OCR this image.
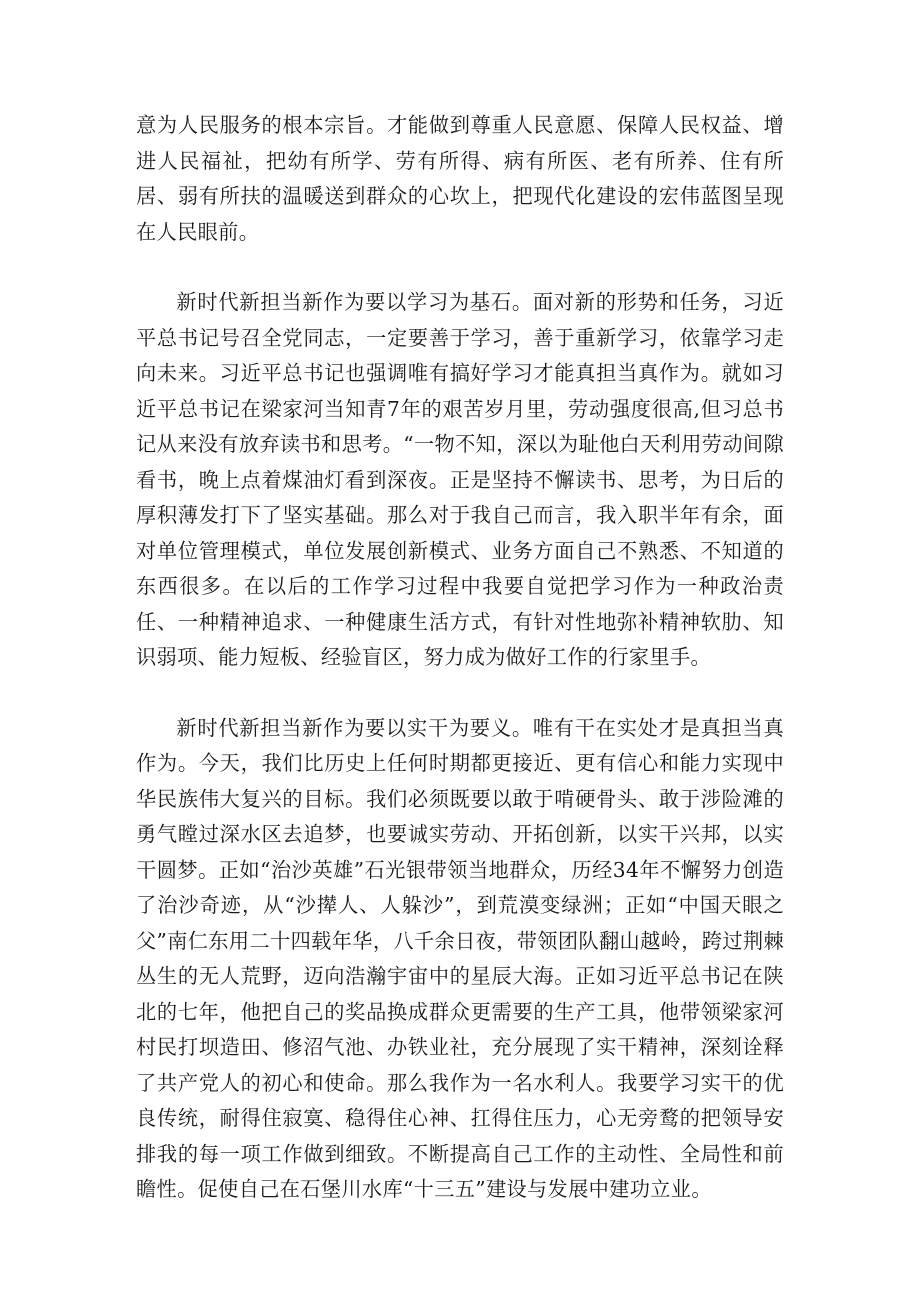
意为人民服务的根本宗旨。才能做到尊重人民意愿、保障人民权益、增进人民福祉，把幼有所学、劳有所得、病有所医、老有所养、住有所居、弱有所扶的温暖送到群众的心坎上，把现代化建设的宏伟蓝图呈现在人民眼前。

新时代新担当新作为要以学习为基石。面对新的形势和任务，习近平总书记号召全党同志，一定要善于学习，善于重新学习，依靠学习走向未来。习近平总书记也强调唯有搞好学习才能真担当真作为。就如习近平总书记在梁家河当知青7年的艰苦岁月里，劳动强度很高,但习总书记从来没有放弃读书和思考。“一物不知，深以为耻他白天利用劳动间隙看书，晚上点着煤油灯看到深夜。正是坚持不懈读书、思考，为日后的厚积薄发打下了坚实基础。那么对于我自己而言，我入职半年有余，面对单位管理模式，单位发展创新模式、业务方面自己不熟悉、不知道的东西很多。在以后的工作学习过程中我要自觉把学习作为一种政治责任、一种精神追求、一种健康生活方式，有针对性地弥补精神软肋、知识弱项、能力短板、经验盲区，努力成为做好工作的行家里手。

新时代新担当新作为要以实干为要义。唯有干在实处才是真担当真作为。今天，我们比历史上任何时期都更接近、更有信心和能力实现中华民族伟大复兴的目标。我们必须既要以敢于啃硬骨头、敢于涉险滩的勇气瞠过深水区去追梦，也要诚实劳动、开拓创新，以实干兴邦，以实干圆梦。正如“治沙英雄”石光银带领当地群众，历经34年不懈努力创造了治沙奇迹，从“沙撵人、人躲沙”，到荒漠变绿洲；正如“中国天眼之父”南仁东用二十四载年华，八千余日夜，带领团队翻山越岭，跨过荆棘丛生的无人荒野，迈向浩瀚宇宙中的星辰大海。正如习近平总书记在陕北的七年，他把自己的奖品换成群众更需要的生产工具，他带领梁家河村民打坝造田、修沼气池、办铁业社，充分展现了实干精神，深刻诠释了共产党人的初心和使命。那么我作为一名水利人。我要学习实干的优良传统，耐得住寂寞、稳得住心神、扛得住压力，心无旁鹜的把领导安排我的每一项工作做到细致。不断提高自己工作的主动性、全局性和前瞻性。促使自己在石堡川水库“十三五”建设与发展中建功立业。
